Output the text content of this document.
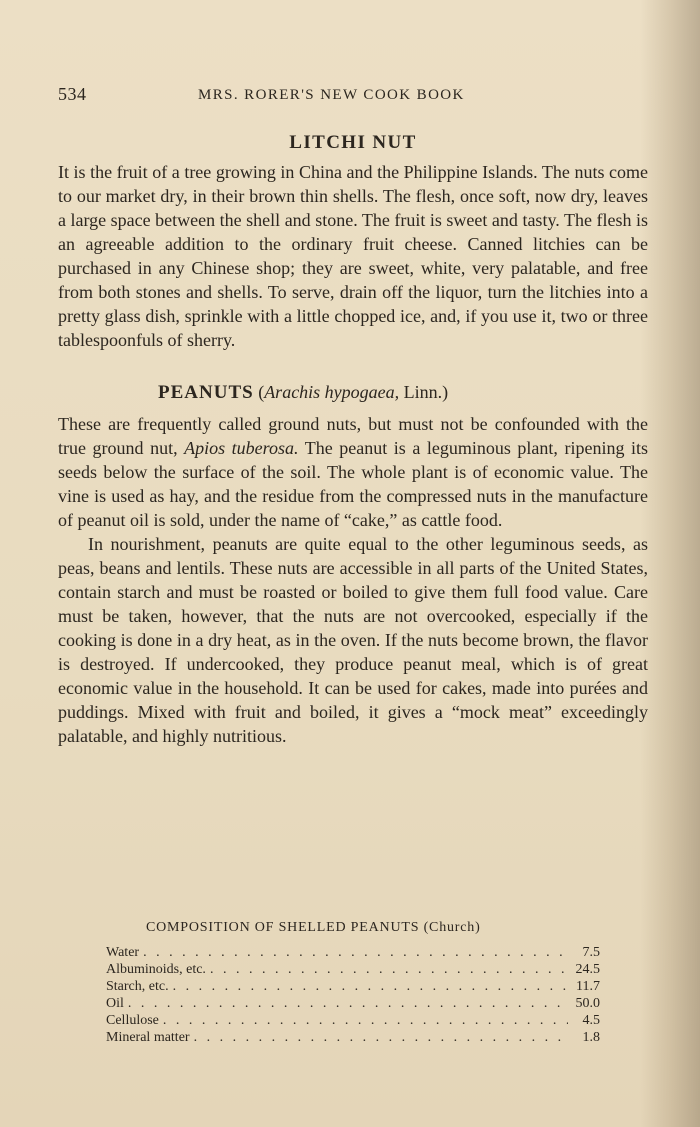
534	MRS. RORER'S NEW COOK BOOK
LITCHI NUT

It is the fruit of a tree growing in China and the Philippine Islands. The nuts come to our market dry, in their brown thin shells. The flesh, once soft, now dry, leaves a large space between the shell and stone. The fruit is sweet and tasty. The flesh is an agreeable addition to the ordinary fruit cheese. Canned litchies can be purchased in any Chinese shop; they are sweet, white, very palatable, and free from both stones and shells. To serve, drain off the liquor, turn the litchies into a pretty glass dish, sprinkle with a little chopped ice, and, if you use it, two or three tablespoonfuls of sherry.

PEANUTS (Arachis hypogaea, Linn.)

These are frequently called ground nuts, but must not be confounded with the true ground nut, Apios tuberosa. The peanut is a leguminous plant, ripening its seeds below the surface of the soil. The whole plant is of economic value. The vine is used as hay, and the residue from the compressed nuts in the manufacture of peanut oil is sold, under the name of “cake,” as cattle food.

In nourishment, peanuts are quite equal to the other leguminous seeds, as peas, beans and lentils. These nuts are accessible in all parts of the United States, contain starch and must be roasted or boiled to give them full food value. Care must be taken, however, that the nuts are not overcooked, especially if the cooking is done in a dry heat, as in the oven. If the nuts become brown, the flavor is destroyed. If undercooked, they produce peanut meal, which is of great economic value in the household. It can be used for cakes, made into purées and puddings. Mixed with fruit and boiled, it gives a “mock meat” exceedingly palatable, and highly nutritious.

COMPOSITION OF SHELLED PEANUTS (Church)
Water . . .	7.5
Albuminoids, etc. . . .	24.5
Starch, etc. . . .	11.7
Oil . . .	50.0
Cellulose . . .	4.5
Mineral matter . . .	1.8
